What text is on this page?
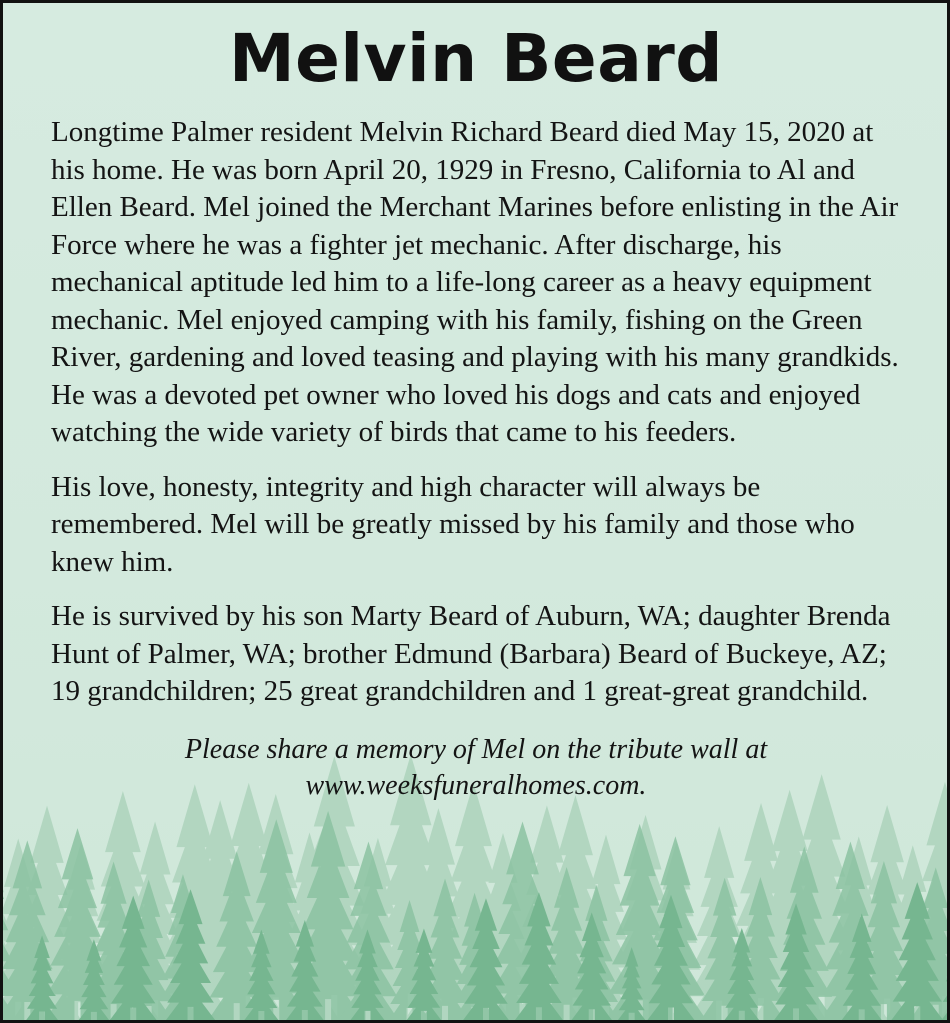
Melvin Beard

Longtime Palmer resident Melvin Richard Beard died May 15, 2020 at his home. He was born April 20, 1929 in Fresno, California to Al and Ellen Beard. Mel joined the Merchant Marines before enlisting in the Air Force where he was a fighter jet mechanic. After discharge, his mechanical aptitude led him to a life-long career as a heavy equipment mechanic. Mel enjoyed camping with his family, fishing on the Green River, gardening and loved teasing and playing with his many grandkids. He was a devoted pet owner who loved his dogs and cats and enjoyed watching the wide variety of birds that came to his feeders.

His love, honesty, integrity and high character will always be remembered. Mel will be greatly missed by his family and those who knew him.

He is survived by his son Marty Beard of Auburn, WA; daughter Brenda Hunt of Palmer, WA; brother Edmund (Barbara) Beard of Buckeye, AZ; 19 grandchildren; 25 great grandchildren and 1 great-great grandchild.

Please share a memory of Mel on the tribute wall at
www.weeksfuneralhomes.com.
